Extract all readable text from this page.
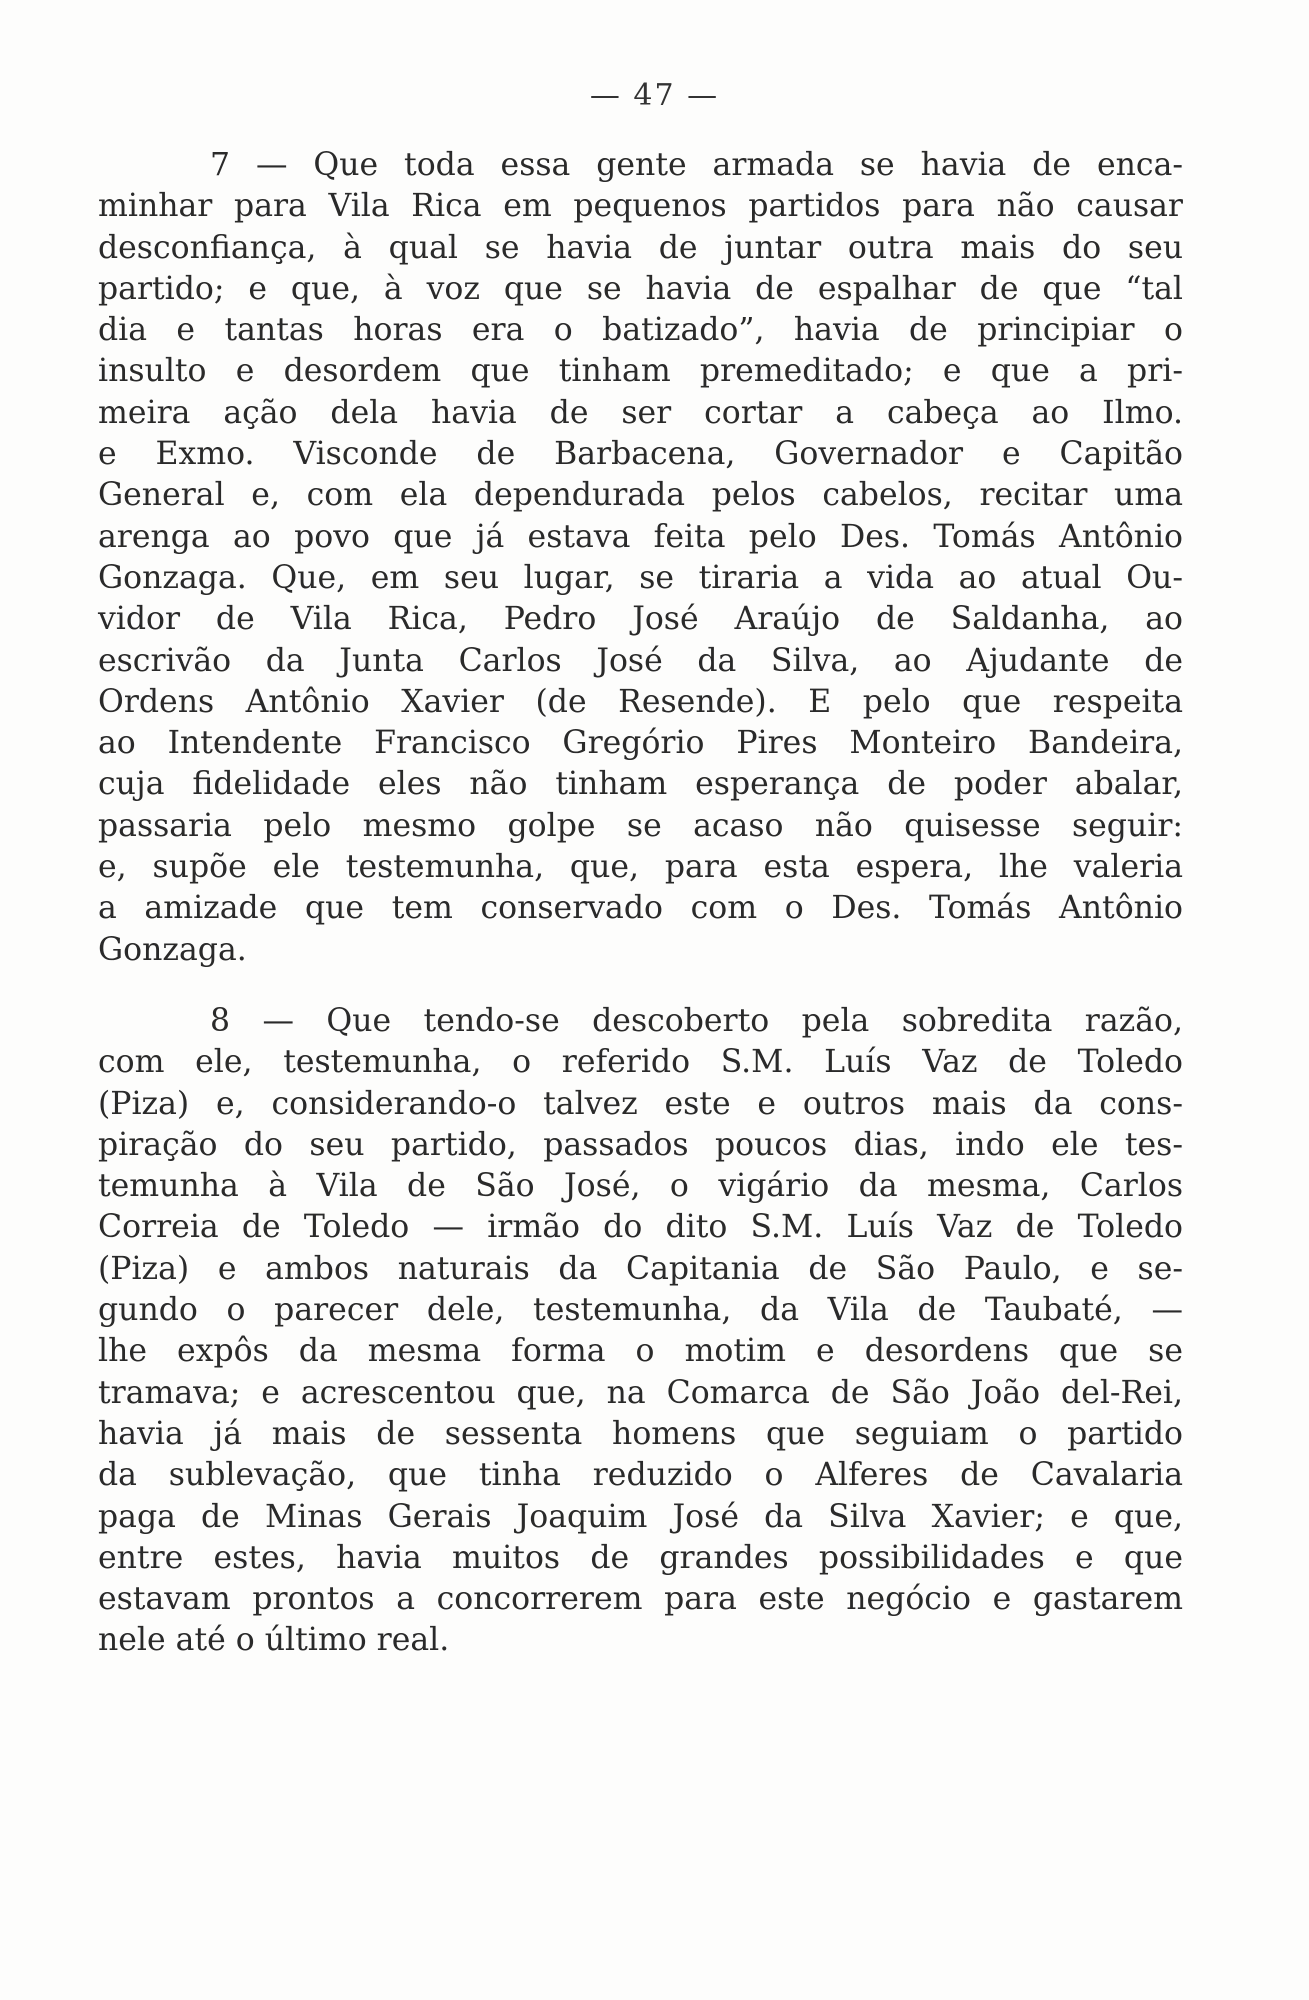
— 47 —

7 — Que toda essa gente armada se havia de enca-
minhar para Vila Rica em pequenos partidos para não causar
desconfiança, à qual se havia de juntar outra mais do seu
partido; e que, à voz que se havia de espalhar de que “tal
dia e tantas horas era o batizado”, havia de principiar o
insulto e desordem que tinham premeditado; e que a pri-
meira ação dela havia de ser cortar a cabeça ao Ilmo.
e Exmo. Visconde de Barbacena, Governador e Capitão
General e, com ela dependurada pelos cabelos, recitar uma
arenga ao povo que já estava feita pelo Des. Tomás Antônio
Gonzaga. Que, em seu lugar, se tiraria a vida ao atual Ou-
vidor de Vila Rica, Pedro José Araújo de Saldanha, ao
escrivão da Junta Carlos José da Silva, ao Ajudante de
Ordens Antônio Xavier (de Resende). E pelo que respeita
ao Intendente Francisco Gregório Pires Monteiro Bandeira,
cuja fidelidade eles não tinham esperança de poder abalar,
passaria pelo mesmo golpe se acaso não quisesse seguir:
e, supõe ele testemunha, que, para esta espera, lhe valeria
a amizade que tem conservado com o Des. Tomás Antônio
Gonzaga.

8 — Que tendo-se descoberto pela sobredita razão,
com ele, testemunha, o referido S.M. Luís Vaz de Toledo
(Piza) e, considerando-o talvez este e outros mais da cons-
piração do seu partido, passados poucos dias, indo ele tes-
temunha à Vila de São José, o vigário da mesma, Carlos
Correia de Toledo — irmão do dito S.M. Luís Vaz de Toledo
(Piza) e ambos naturais da Capitania de São Paulo, e se-
gundo o parecer dele, testemunha, da Vila de Taubaté, —
lhe expôs da mesma forma o motim e desordens que se
tramava; e acrescentou que, na Comarca de São João del-Rei,
havia já mais de sessenta homens que seguiam o partido
da sublevação, que tinha reduzido o Alferes de Cavalaria
paga de Minas Gerais Joaquim José da Silva Xavier; e que,
entre estes, havia muitos de grandes possibilidades e que
estavam prontos a concorrerem para este negócio e gastarem
nele até o último real.
